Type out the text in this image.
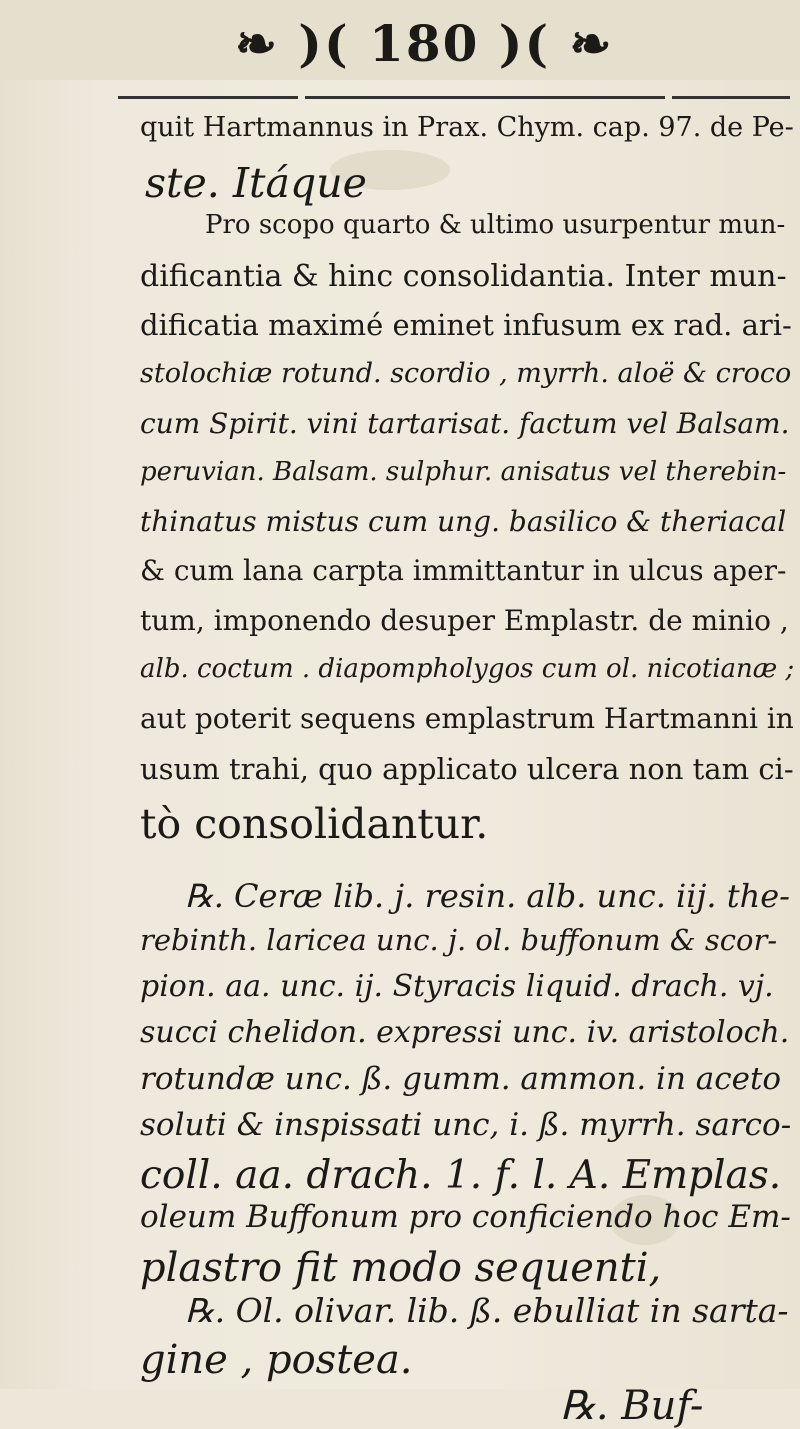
❧ )( 180 )( ❧
quit Hartmannus in Prax. Chym. cap. 97. de Pe-
ste. Itáque
Pro scopo quarto & ultimo usurpentur mun-
dificantia & hinc consolidantia. Inter mun-
dificatia maximé eminet infusum ex rad. ari-
stolochiæ rotund. scordio , myrrh. aloë & croco
cum Spirit. vini tartarisat. factum vel Balsam.
peruvian. Balsam. sulphur. anisatus vel therebin-
thinatus mistus cum ung. basilico & theriacal
& cum lana carpta immittantur in ulcus aper-
tum, imponendo desuper Emplastr. de minio ,
alb. coctum . diapompholygos cum ol. nicotianæ ;
aut poterit sequens emplastrum Hartmanni in
usum trahi, quo applicato ulcera non tam ci-
tò consolidantur.
℞. Ceræ lib. j. resin. alb. unc. iij. the-
rebinth. laricea unc. j. ol. buffonum & scor-
pion. aa. unc. ij. Styracis liquid. drach. vj.
succi chelidon. expressi unc. iv. aristoloch.
rotundæ unc. ß. gumm. ammon. in aceto
soluti & inspissati unc, i. ß. myrrh. sarco-
coll. aa. drach. 1. f. l. A. Emplas.
oleum Buffonum pro conficiendo hoc Em-
plastro fit modo sequenti,
℞. Ol. olivar. lib. ß. ebulliat in sarta-
gine , postea.
℞. Buf-
